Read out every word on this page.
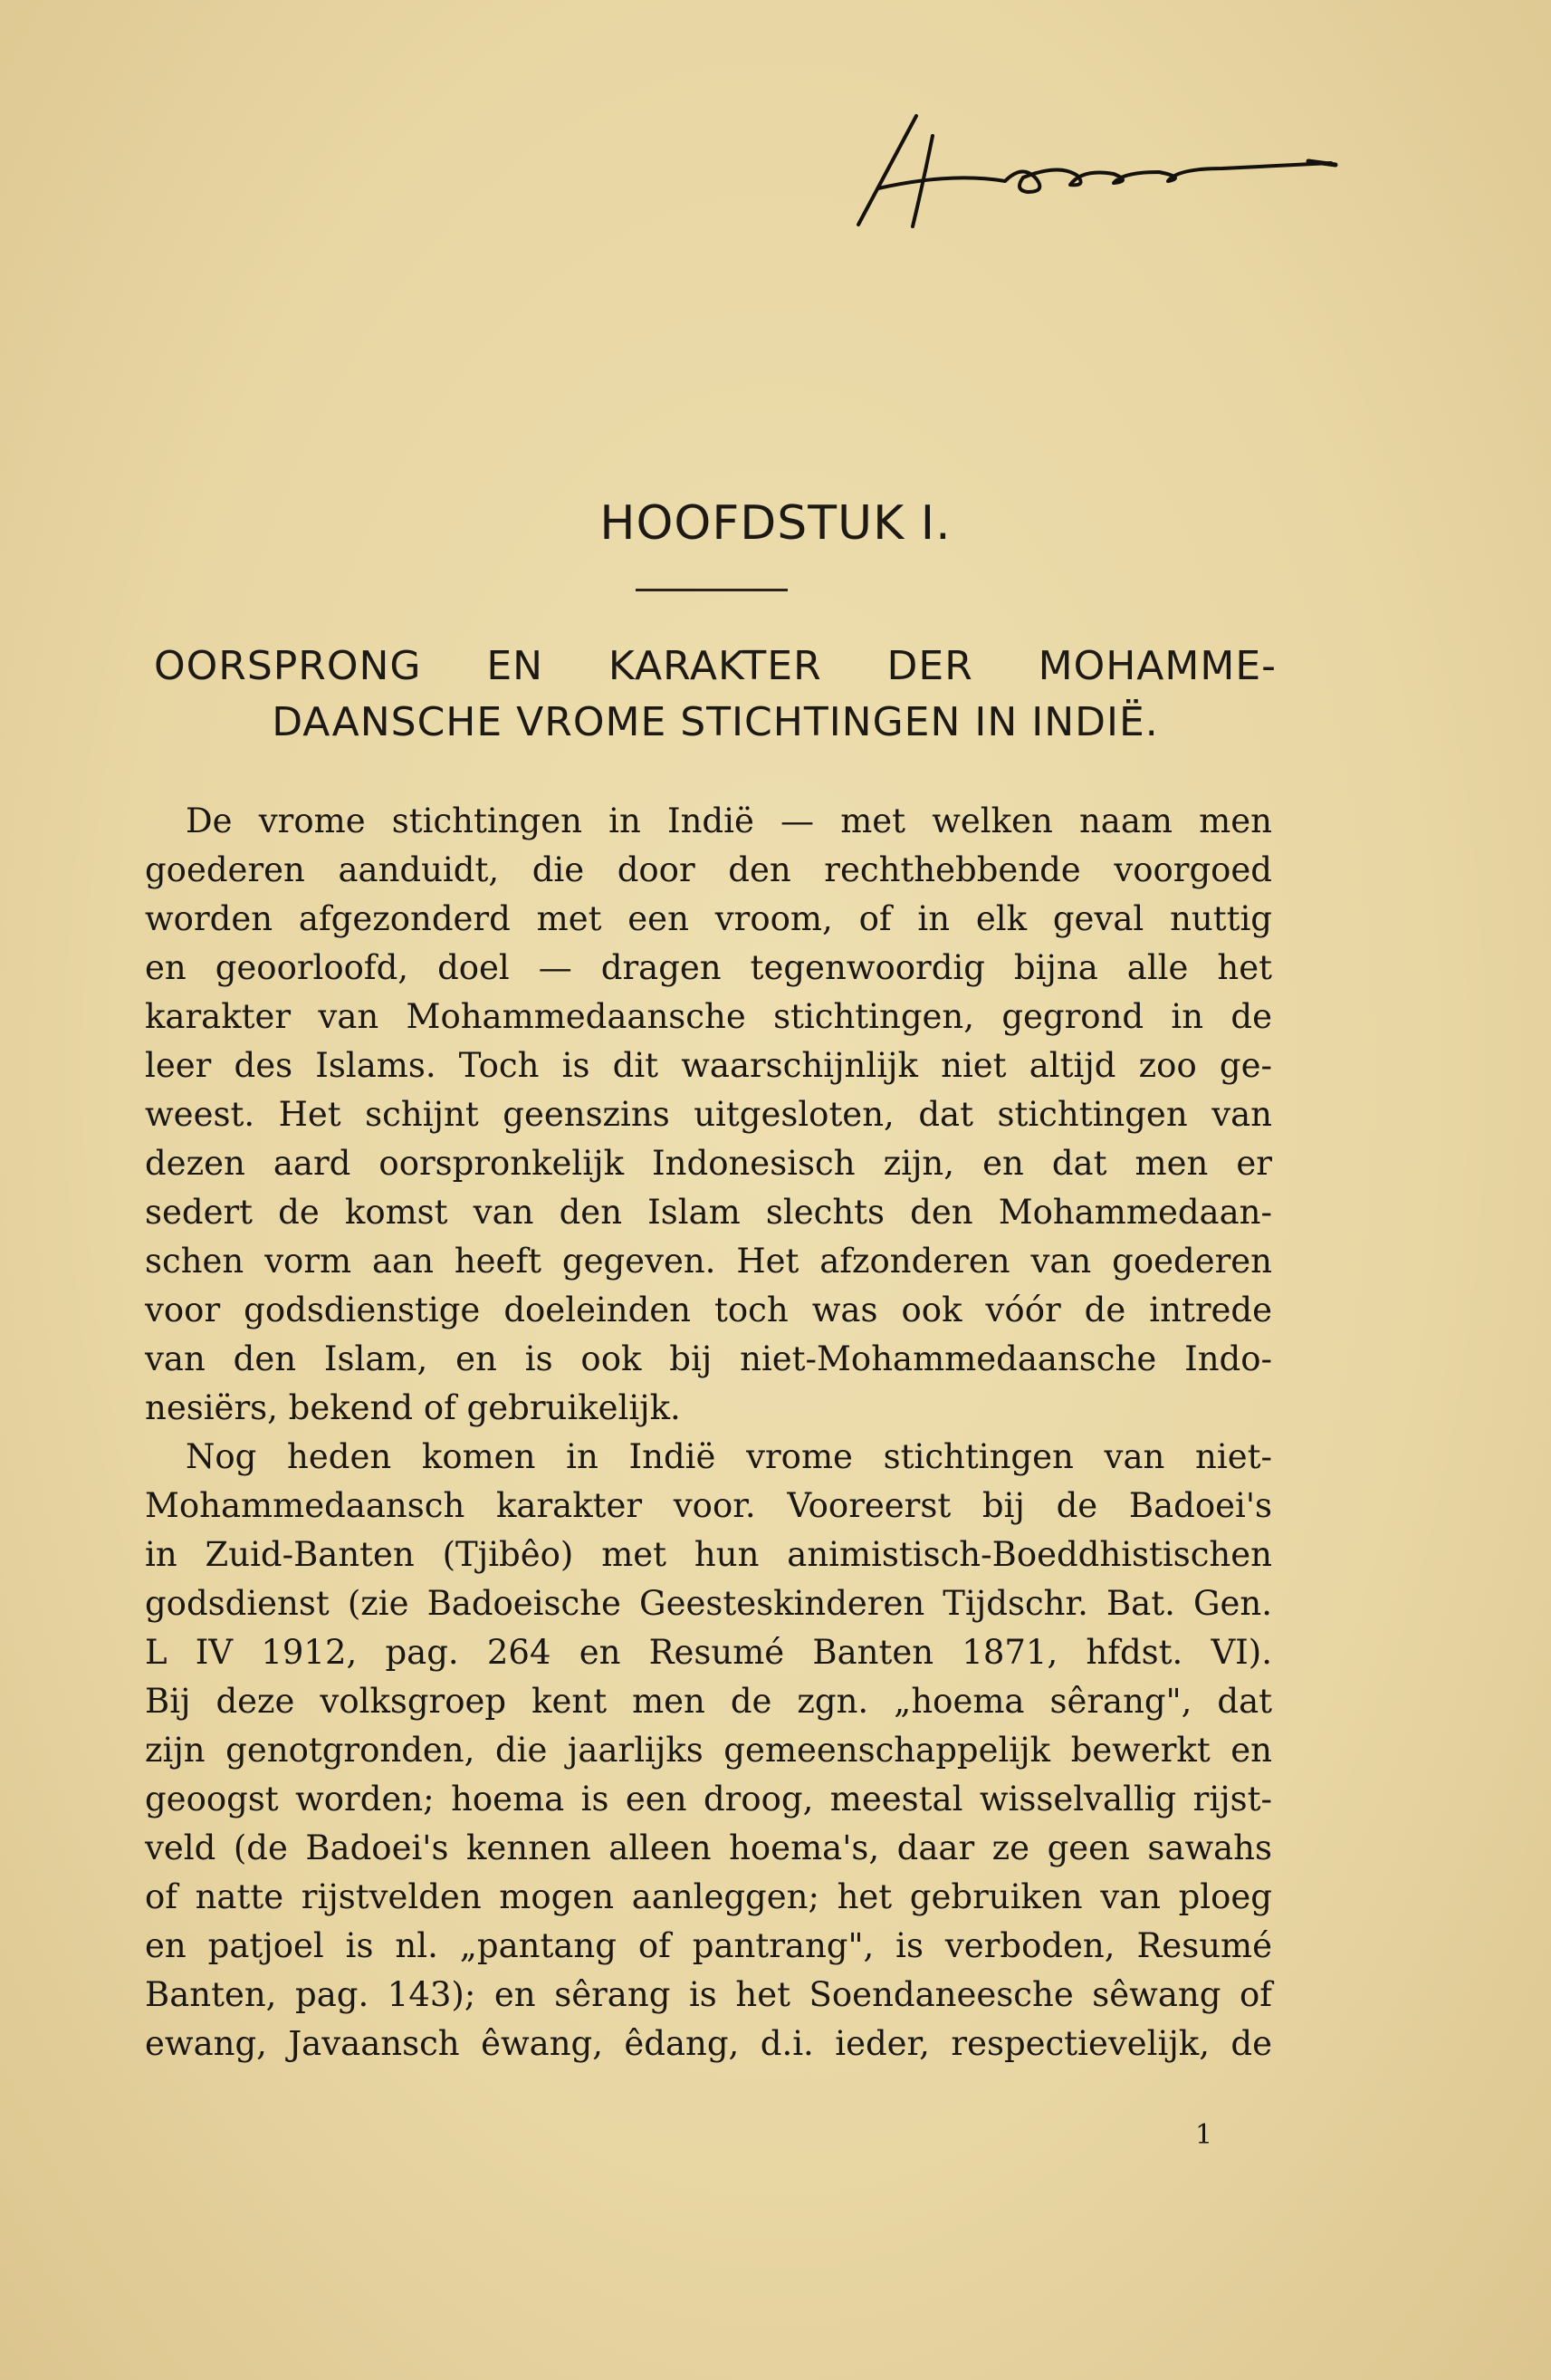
HOOFDSTUK I.
OORSPRONG EN KARAKTER DER MOHAMME-
DAANSCHE VROME STICHTINGEN IN INDIË.
De vrome stichtingen in Indië — met welken naam men
goederen aanduidt, die door den rechthebbende voorgoed
worden afgezonderd met een vroom, of in elk geval nuttig
en geoorloofd, doel — dragen tegenwoordig bijna alle het
karakter van Mohammedaansche stichtingen, gegrond in de
leer des Islams. Toch is dit waarschijnlijk niet altijd zoo ge-
weest. Het schijnt geenszins uitgesloten, dat stichtingen van
dezen aard oorspronkelijk Indonesisch zijn, en dat men er
sedert de komst van den Islam slechts den Mohammedaan-
schen vorm aan heeft gegeven. Het afzonderen van goederen
voor godsdienstige doeleinden toch was ook vóór de intrede
van den Islam, en is ook bij niet-Mohammedaansche Indo-
nesiërs, bekend of gebruikelijk.
Nog heden komen in Indië vrome stichtingen van niet-
Mohammedaansch karakter voor. Vooreerst bij de Badoei's
in Zuid-Banten (Tjibêo) met hun animistisch-Boeddhistischen
godsdienst (zie Badoeische Geesteskinderen Tijdschr. Bat. Gen.
L IV 1912, pag. 264 en Resumé Banten 1871, hfdst. VI).
Bij deze volksgroep kent men de zgn. „hoema sêrang", dat
zijn genotgronden, die jaarlijks gemeenschappelijk bewerkt en
geoogst worden; hoema is een droog, meestal wisselvallig rijst-
veld (de Badoei's kennen alleen hoema's, daar ze geen sawahs
of natte rijstvelden mogen aanleggen; het gebruiken van ploeg
en patjoel is nl. „pantang of pantrang", is verboden, Resumé
Banten, pag. 143); en sêrang is het Soendaneesche sêwang of
ewang, Javaansch êwang, êdang, d.i. ieder, respectievelijk, de
1
